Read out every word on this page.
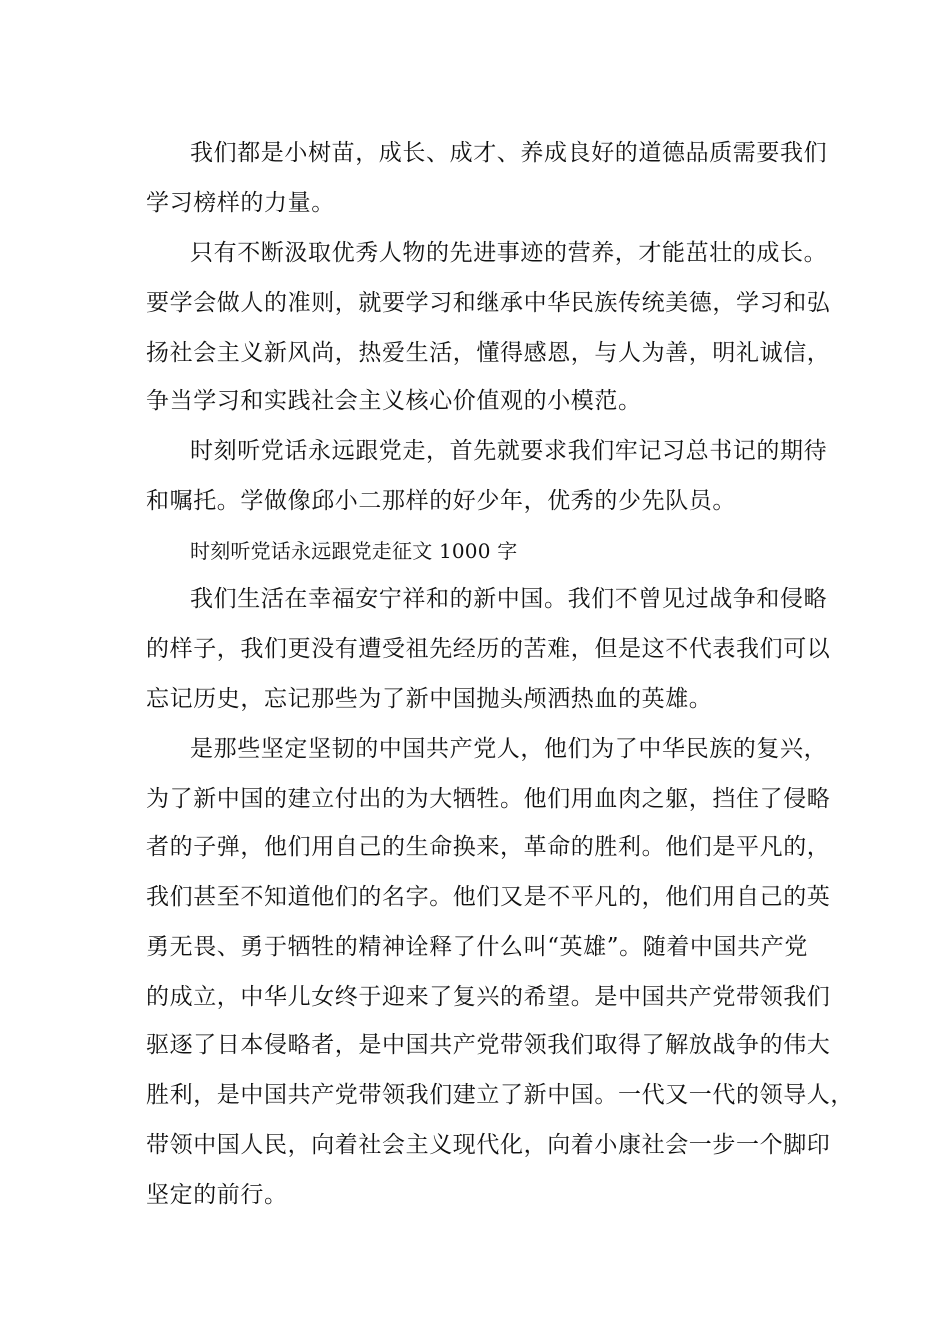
我们都是小树苗，成长、成才、养成良好的道德品质需要我们
学习榜样的力量。
只有不断汲取优秀人物的先进事迹的营养，才能茁壮的成长。
要学会做人的准则，就要学习和继承中华民族传统美德，学习和弘
扬社会主义新风尚，热爱生活，懂得感恩，与人为善，明礼诚信，
争当学习和实践社会主义核心价值观的小模范。
时刻听党话永远跟党走，首先就要求我们牢记习总书记的期待
和嘱托。学做像邱小二那样的好少年，优秀的少先队员。
时刻听党话永远跟党走征文 1000 字
我们生活在幸福安宁祥和的新中国。我们不曾见过战争和侵略
的样子，我们更没有遭受祖先经历的苦难，但是这不代表我们可以
忘记历史，忘记那些为了新中国抛头颅洒热血的英雄。
是那些坚定坚韧的中国共产党人，他们为了中华民族的复兴，
为了新中国的建立付出的为大牺牲。他们用血肉之躯，挡住了侵略
者的子弹，他们用自己的生命换来，革命的胜利。他们是平凡的，
我们甚至不知道他们的名字。他们又是不平凡的，他们用自己的英
勇无畏、勇于牺牲的精神诠释了什么叫“英雄”。随着中国共产党
的成立，中华儿女终于迎来了复兴的希望。是中国共产党带领我们
驱逐了日本侵略者，是中国共产党带领我们取得了解放战争的伟大
胜利，是中国共产党带领我们建立了新中国。一代又一代的领导人，
带领中国人民，向着社会主义现代化，向着小康社会一步一个脚印
坚定的前行。
